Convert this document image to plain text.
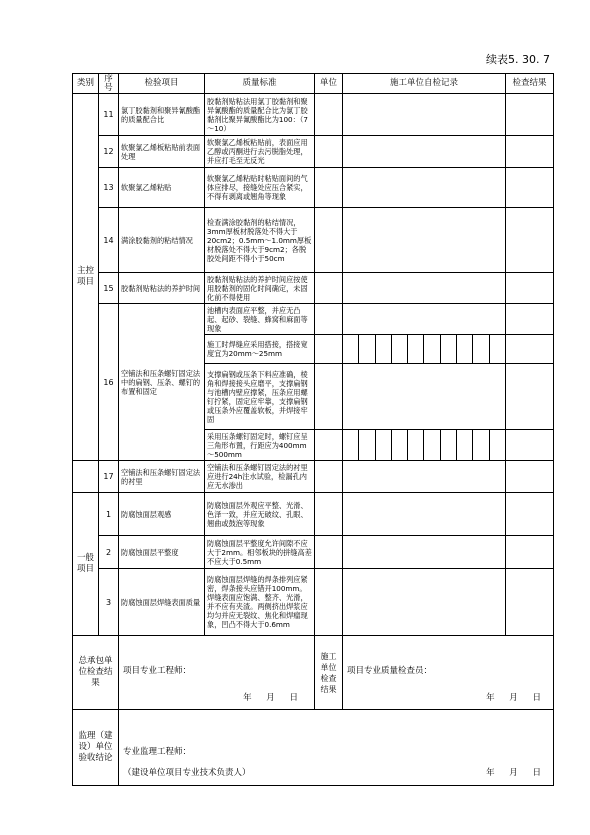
续表5. 30. 7
类别	序号	检验项目	质量标准	单位	施工单位自检记录	检查结果
主控
项目	11	氯丁胶黏剂和聚异氰酸酯的质量配合比	胶黏剂贴粘法用氯丁胶黏剂和聚异氰酸酯的质量配合比为氯丁胶黏剂比聚异氰酸酯比为100：（7～10）			
	12	软聚氯乙烯板粘贴前表面处理	软聚氯乙烯板粘贴前，表面应用乙醇或丙酮进行去污脱脂处理，并应打毛至无反光			
	13	软聚氯乙烯粘贴	软聚氯乙烯粘贴时粘贴面间的气体应排尽，接缝处应压合紧实，不得有剥离或翘角等现象			
	14	满涂胶黏剂的粘结情况	检查满涂胶黏剂的粘结情况，3mm厚板材脱落处不得大于20cm2；0.5mm～1.0mm厚板材脱落处不得大于9cm2；各脱胶处间距不得小于50cm			
	15	胶黏剂贴粘法的养护时间	胶黏剂贴粘法的养护时间应按使用胶黏剂的固化时间确定，未固化前不得使用			
	16	空铺法和压条螺钉固定法中的扁钢、压条、螺钉的布置和固定	池槽内表面应平整，并应无凸起、起砂、裂缝、蜂窝和麻面等现象			
			施工时焊缝应采用搭接，搭接宽度宜为20mm～25mm		

			支撑扁钢或压条下料应准确，棱角和焊接接头应磨平，支撑扁钢与池槽内壁应撑紧，压条应用螺钉拧紧，固定应牢靠，支撑扁钢或压条外应覆盖软板，并焊接牢固			
			采用压条螺钉固定时，螺钉应呈三角形布置，行距应为400mm～500mm		

	17	空铺法和压条螺钉固定法的衬里	空铺法和压条螺钉固定法的衬里应进行24h注水试验，检漏孔内应无水渗出			
一般
项目	1	防腐蚀面层观感	防腐蚀面层外观应平整、光滑、色泽一致，并应无破纹、孔眼、翘曲或鼓泡等现象			
	2	防腐蚀面层平整度	防腐蚀面层平整度允许间隙不应大于2mm。相邻板块的拼缝高差不应大于0.5mm			
	3	防腐蚀面层焊缝表面质量	防腐蚀面层焊缝的焊条排列应紧密，焊条接头应错开100mm。焊缝表面应饱满、整齐、光滑，并不应有夹渣。两侧挤出焊浆应均匀并应无裂纹、焦化和焊瘤现象，凹凸不得大于0.6mm			
总承包单位检查结果		项目专业工程师：
年 月 日		施工单位检查结果	项目专业质量检查员：
年 月 日	

监理（建设）单位验收结论		专业监理工程师：
（建设单位项目专业技术负责人） 年 月 日				
